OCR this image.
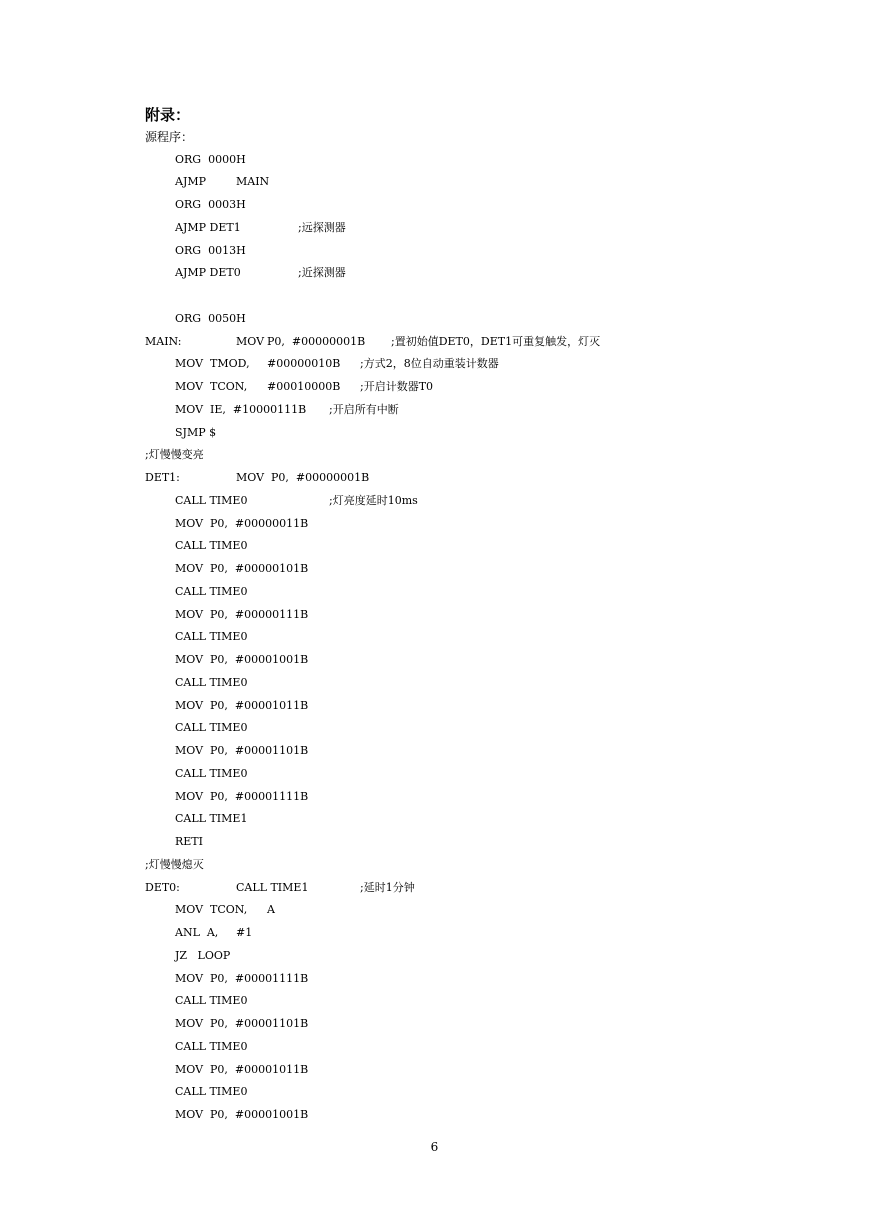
附录：
源程序：
ORG  0000H
AJMP	MAIN
ORG  0003H
AJMP DET1	;远探测器
ORG  0013H
AJMP DET0	;近探测器
ORG  0050H
MAIN:	MOV P0,  #00000001B ;置初始值DET0，DET1可重复触发，灯灭
MOV  TMOD, #00000010B ;方式2，8位自动重装计数器
MOV  TCON, #00010000B ;开启计数器T0
MOV  IE,  #10000111B ;开启所有中断
SJMP $
;灯慢慢变亮
DET1:	MOV  P0,  #00000001B
CALL TIME0	;灯亮度延时10ms
MOV  P0,  #00000011B
CALL TIME0
MOV  P0,  #00000101B
CALL TIME0
MOV  P0,  #00000111B
CALL TIME0
MOV  P0,  #00001001B
CALL TIME0
MOV  P0,  #00001011B
CALL TIME0
MOV  P0,  #00001101B
CALL TIME0
MOV  P0,  #00001111B
CALL TIME1
RETI
;灯慢慢熄灭
DET0:	CALL TIME1	;延时1分钟
MOV  TCON, A
ANL  A, #1
JZ   LOOP
MOV  P0,  #00001111B
CALL TIME0
MOV  P0,  #00001101B
CALL TIME0
MOV  P0,  #00001011B
CALL TIME0
MOV  P0,  #00001001B
6
